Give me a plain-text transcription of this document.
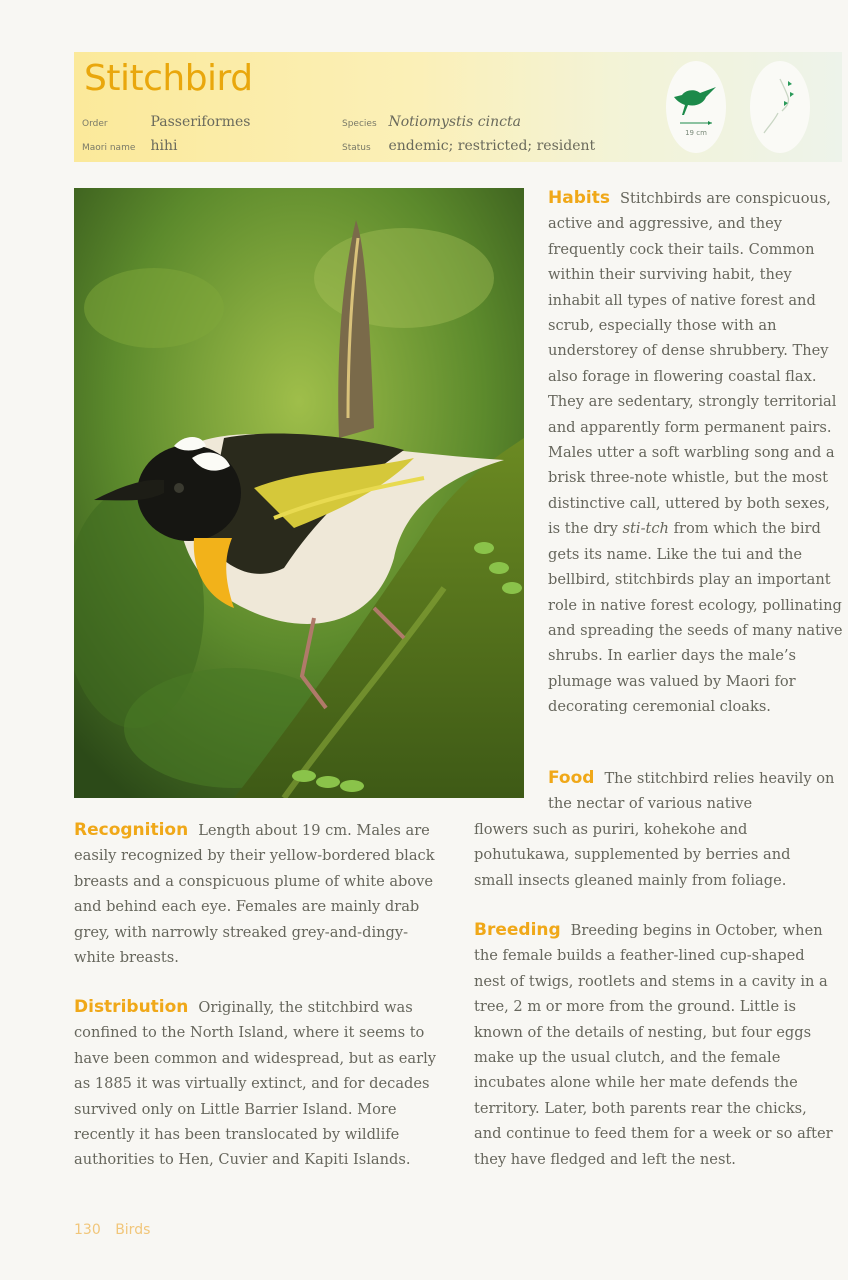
Stitchbird
Order	Passeriformes
Maori name hihi
Species Notiomystis cincta
Status endemic; restricted; resident
19 cm

Habits Stitchbirds are conspicuous, active and aggressive, and they frequently cock their tails. Common within their surviving habit, they inhabit all types of native forest and scrub, especially those with an understorey of dense shrubbery. They also forage in flowering coastal flax. They are sedentary, strongly territorial and apparently form permanent pairs. Males utter a soft warbling song and a brisk three-note whistle, but the most distinctive call, uttered by both sexes, is the dry sti-tch from which the bird gets its name. Like the tui and the bellbird, stitchbirds play an important role in native forest ecology, pollinating and spreading the seeds of many native shrubs. In earlier days the male’s plumage was valued by Maori for decorating ceremonial cloaks.

Food The stitchbird relies heavily on the nectar of various native

flowers such as puriri, kohekohe and pohutukawa, supplemented by berries and small insects gleaned mainly from foliage.

Recognition Length about 19 cm. Males are easily recognized by their yellow-bordered black breasts and a conspicuous plume of white above and behind each eye. Females are mainly drab grey, with narrowly streaked grey-and-dingy-white breasts.

Distribution Originally, the stitchbird was confined to the North Island, where it seems to have been common and widespread, but as early as 1885 it was virtually extinct, and for decades survived only on Little Barrier Island. More recently it has been translocated by wildlife authorities to Hen, Cuvier and Kapiti Islands.

Breeding Breeding begins in October, when the female builds a feather-lined cup-shaped nest of twigs, rootlets and stems in a cavity in a tree, 2 m or more from the ground. Little is known of the details of nesting, but four eggs make up the usual clutch, and the female incubates alone while her mate defends the territory. Later, both parents rear the chicks, and continue to feed them for a week or so after they have fledged and left the nest.

130 Birds
